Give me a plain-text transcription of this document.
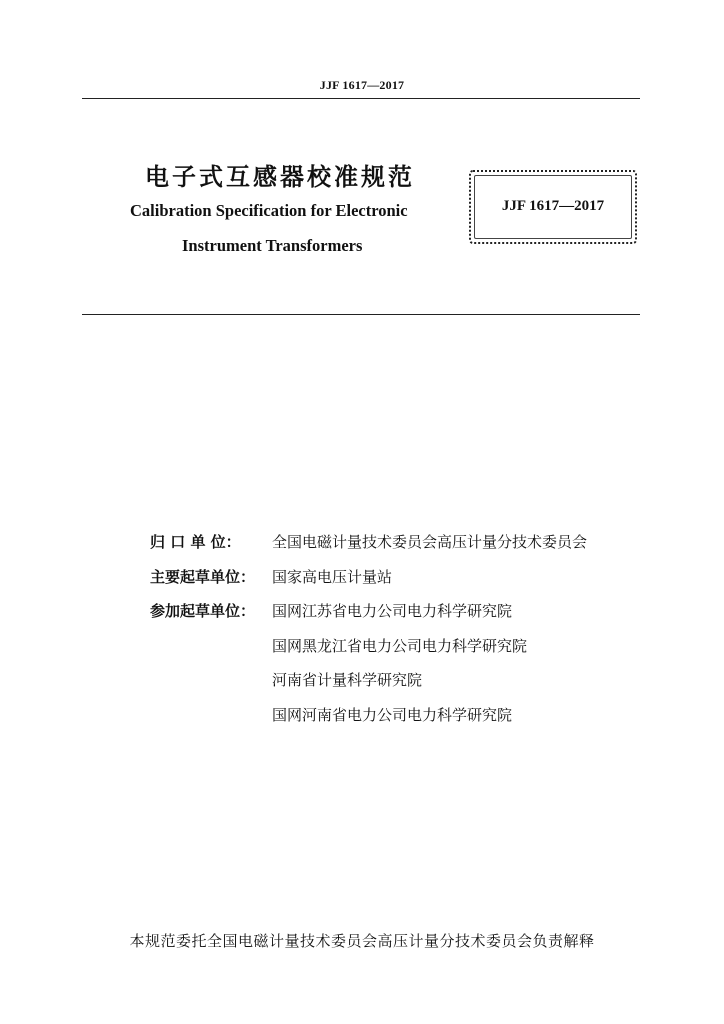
JJF 1617—2017
电子式互感器校准规范
Calibration Specification for Electronic
Instrument Transformers
JJF 1617—2017
归 口 单 位： 全国电磁计量技术委员会高压计量分技术委员会
主要起草单位： 国家高电压计量站
参加起草单位： 国网江苏省电力公司电力科学研究院
国网黑龙江省电力公司电力科学研究院
河南省计量科学研究院
国网河南省电力公司电力科学研究院
本规范委托全国电磁计量技术委员会高压计量分技术委员会负责解释
